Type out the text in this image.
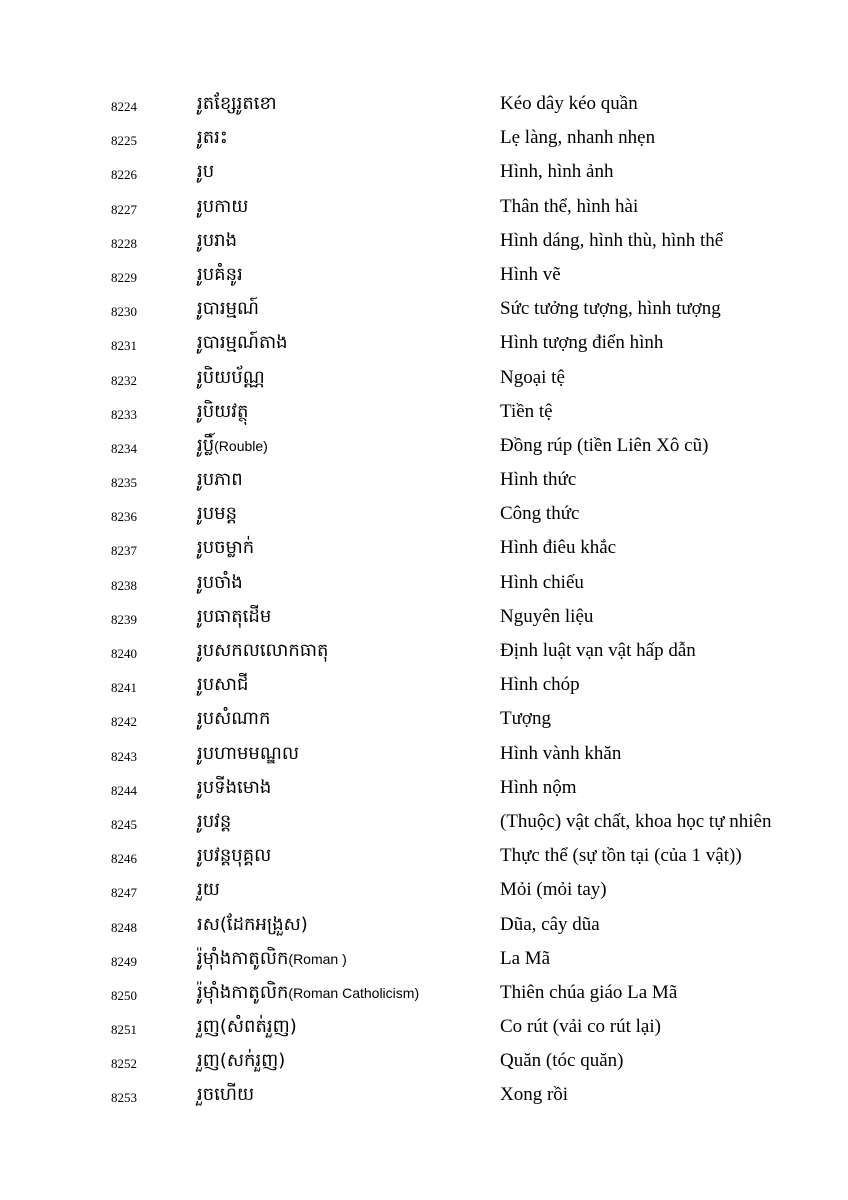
8224	រូតខ្សែរូតខោ	Kéo dây kéo quần
8225	រូតរះ	Lẹ làng, nhanh nhẹn
8226	រូប	Hình, hình ảnh
8227	រូបកាយ	Thân thể, hình hài
8228	រូបរាង	Hình dáng, hình thù, hình thể
8229	រូបគំនូរ	Hình vẽ
8230	រូបារម្មណ៍	Sức tưởng tượng, hình tượng
8231	រូបារម្មណ៍តាង	Hình tượng điển hình
8232	រូបិយប័ណ្ណ	Ngoại tệ
8233	រូបិយវត្ថុ	Tiền tệ
8234	រូប្លិ៍(Rouble)	Đồng rúp (tiền Liên Xô cũ)
8235	រូបភាព	Hình thức
8236	រូបមន្ត	Công thức
8237	រូបចម្លាក់	Hình điêu khắc
8238	រូបចាំង	Hình chiếu
8239	រូបធាតុដើម	Nguyên liệu
8240	រូបសកលលោកធាតុ	Định luật vạn vật hấp dẫn
8241	រូបសាជី	Hình chóp
8242	រូបសំណាក	Tượng
8243	រូបហាមមណ្ឌល	Hình vành khăn
8244	រូបទីងមោង	Hình nộm
8245	រូបវន្ត	(Thuộc) vật chất, khoa học tự nhiên
8246	រូបវន្តបុគ្គល	Thực thể (sự tồn tại (của 1 vật))
8247	រួយ	Mỏi (mỏi tay)
8248	រស(ដែកអង្រួស)	Dũa, cây dũa
8249	រ៉ូម៉ាំងកាតូលិក(Roman )	La Mã
8250	រ៉ូម៉ាំងកាតូលិក(Roman Catholicism)	Thiên chúa giáo La Mã
8251	រួញ(សំពត់រួញ)	Co rút (vải co rút lại)
8252	រួញ(សក់រួញ)	Quăn (tóc quăn)
8253	រួចហើយ	Xong rồi
